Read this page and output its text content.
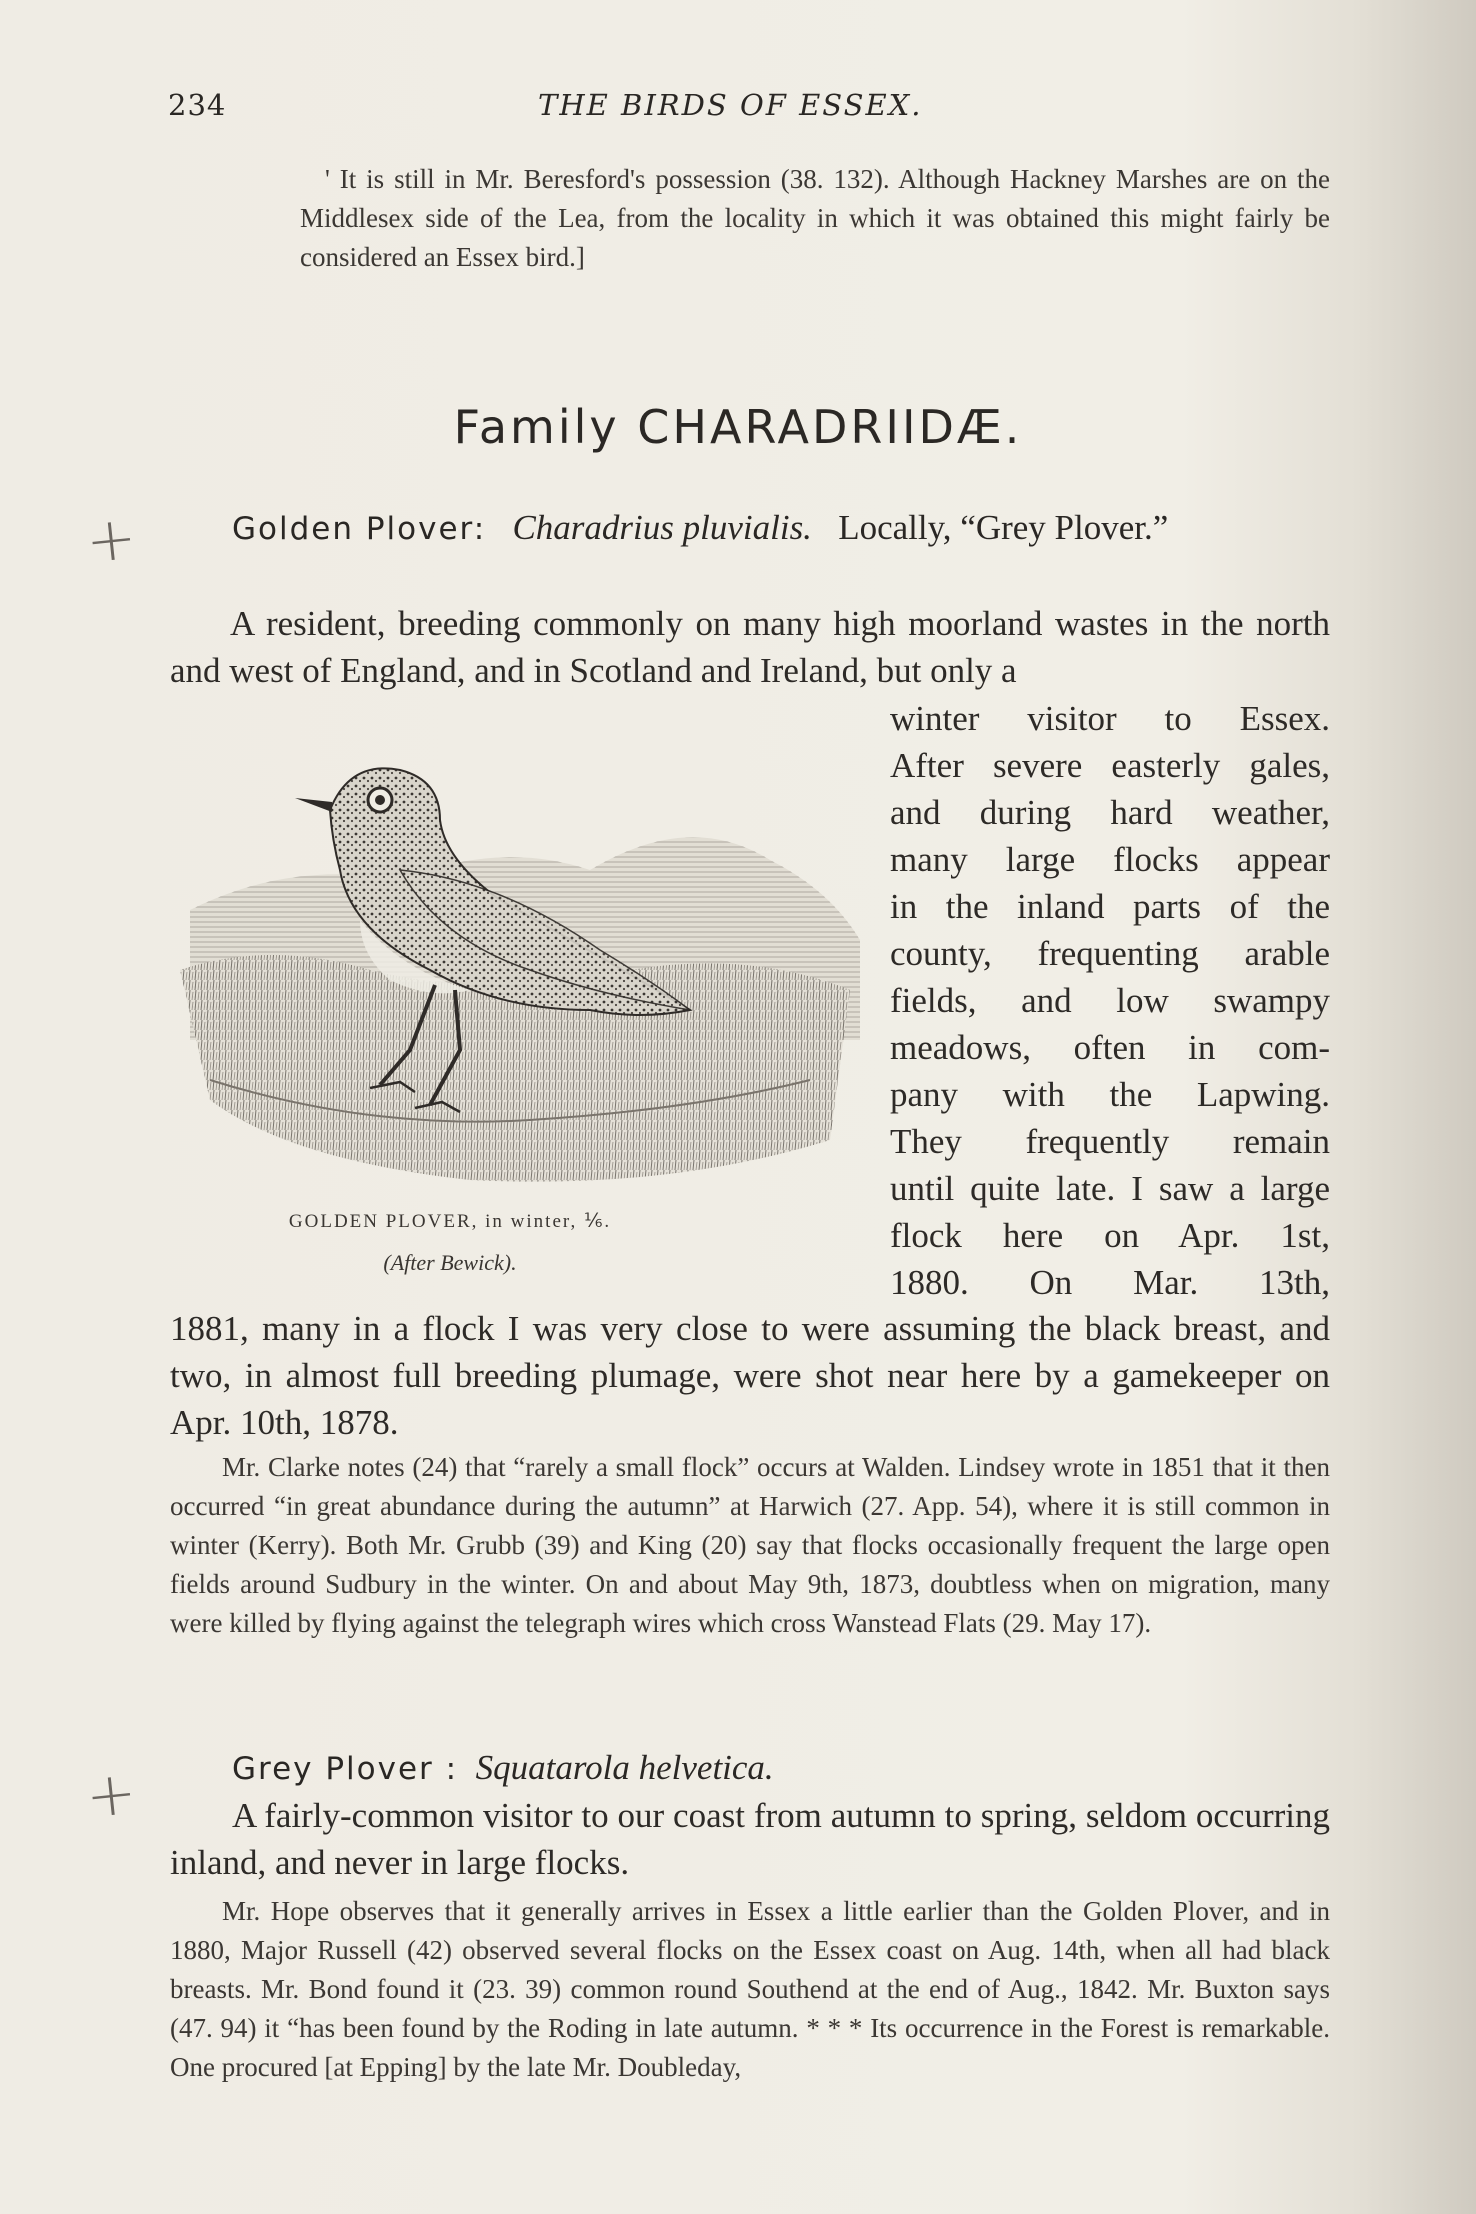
234	THE BIRDS OF ESSEX.
' It is still in Mr. Beresford's possession (38. 132). Although Hackney Marshes are on the Middlesex side of the Lea, from the locality in which it was obtained this might fairly be considered an Essex bird.]
Family CHARADRIIDÆ.
+
+
Golden Plover: Charadrius pluvialis. Locally, “Grey Plover.”
A resident, breeding commonly on many high moorland wastes in the north and west of England, and in Scotland and Ireland, but only a
GOLDEN PLOVER, in winter, ⅙.
(After Bewick).
winter visitor to Essex.
After severe easterly gales,
and during hard weather,
many large flocks appear
in the inland parts of the
county, frequenting arable
fields, and low swampy
meadows, often in com-
pany with the Lapwing.
They frequently remain
until quite late. I saw a large
flock here on Apr. 1st,
1880. On Mar. 13th,
1881, many in a flock I was very close to were assuming the black breast, and two, in almost full breeding plumage, were shot near here by a gamekeeper on Apr. 10th, 1878.
Mr. Clarke notes (24) that “rarely a small flock” occurs at Walden. Lindsey wrote in 1851 that it then occurred “in great abundance during the autumn” at Harwich (27. App. 54), where it is still common in winter (Kerry). Both Mr. Grubb (39) and King (20) say that flocks occasionally frequent the large open fields around Sudbury in the winter. On and about May 9th, 1873, doubtless when on migration, many were killed by flying against the telegraph wires which cross Wanstead Flats (29. May 17).
Grey Plover : Squatarola helvetica.
A fairly-common visitor to our coast from autumn to spring, seldom occurring inland, and never in large flocks.
Mr. Hope observes that it generally arrives in Essex a little earlier than the Golden Plover, and in 1880, Major Russell (42) observed several flocks on the Essex coast on Aug. 14th, when all had black breasts. Mr. Bond found it (23. 39) common round Southend at the end of Aug., 1842. Mr. Buxton says (47. 94) it “has been found by the Roding in late autumn. * * * Its occurrence in the Forest is remarkable. One procured [at Epping] by the late Mr. Doubleday,
